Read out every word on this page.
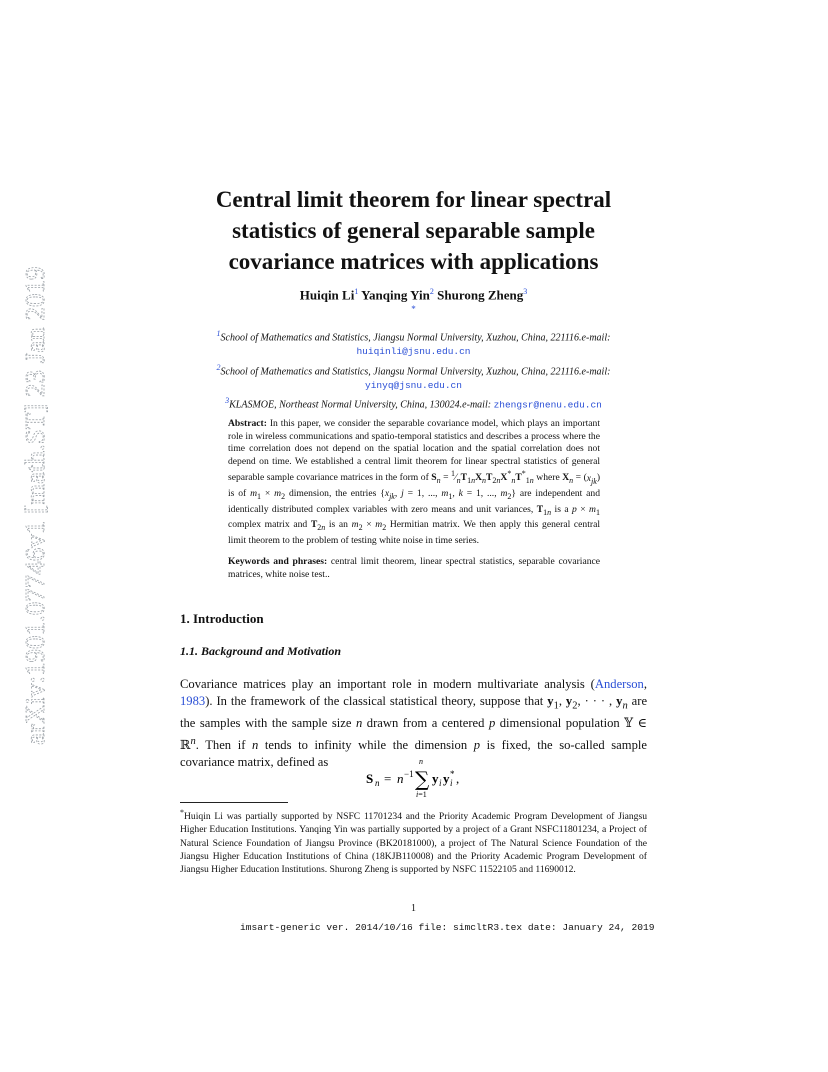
arXiv:1901.07746v1 [math.ST] 23 Jan 2019
Central limit theorem for linear spectral
statistics of general separable sample
covariance matrices with applications
Huiqin Li$^1$ Yanqing Yin$^2$ Shurong Zheng$^3$
*
$^1$School of Mathematics and Statistics, Jiangsu Normal University, Xuzhou, China, 221116.e-mail:
huiqinli@jsnu.edu.cn
$^2$School of Mathematics and Statistics, Jiangsu Normal University, Xuzhou, China, 221116.e-mail:
yinyq@jsnu.edu.cn
$^3$KLASMOE, Northeast Normal University, China, 130024.e-mail: zhengsr@nenu.edu.cn
Abstract: In this paper, we consider the separable covariance model, which plays an important role in wireless communications and spatio-temporal statistics and describes a process where the time correlation does not depend on the spatial location and the spatial correlation does not depend on time. We established a central limit theorem for linear spectral statistics of general separable sample covariance matrices in the form of $S_n$ = $^1⁄_nT_{1n}X_nT_{2n}X^*_nT^*_{1n}$ where $X_n = (x_{jk})$ is of $m_1 \times m_2$ dimension, the entries {$x_{jk}$, j = 1, ..., $m_1$, k = 1, ..., $m_2$} are independent and identically distributed complex variables with zero means and unit variances, $T_{1n}$ is a $p \times m_1$ complex matrix and $T_{2n}$ is an $m_2 \times m_2$ Hermitian matrix. We then apply this general central limit theorem to the problem of testing white noise in time series.
Keywords and phrases: central limit theorem, linear spectral statistics, separable covariance matrices, white noise test..
1. Introduction
1.1. Background and Motivation
Covariance matrices play an important role in modern multivariate analysis (Anderson, 1983). In the framework of the classical statistical theory, suppose that $y_1$, $y_2$, · · · , $y_n$ are the samples with the sample size n drawn from a centered p dimensional population 𝕐 ∈ ℝ$^n$. Then if n tends to infinity while the dimension p is fixed, the so-called sample covariance matrix, defined as
S n = n −1
n
∑
i=1
y i y *
i ,
*Huiqin Li was partially supported by NSFC 11701234 and the Priority Academic Program Development of Jiangsu Higher Education Institutions. Yanqing Yin was partially supported by a project of a Grant NSFC11801234, a Project of Natural Science Foundation of Jiangsu Province (BK20181000), a project of The Natural Science Foundation of the Jiangsu Higher Education Institutions of China (18KJB110008) and the Priority Academic Program Development of Jiangsu Higher Education Institutions. Shurong Zheng is supported by NSFC 11522105 and 11690012.
1
imsart-generic ver. 2014/10/16 file: simcltR3.tex date: January 24, 2019
